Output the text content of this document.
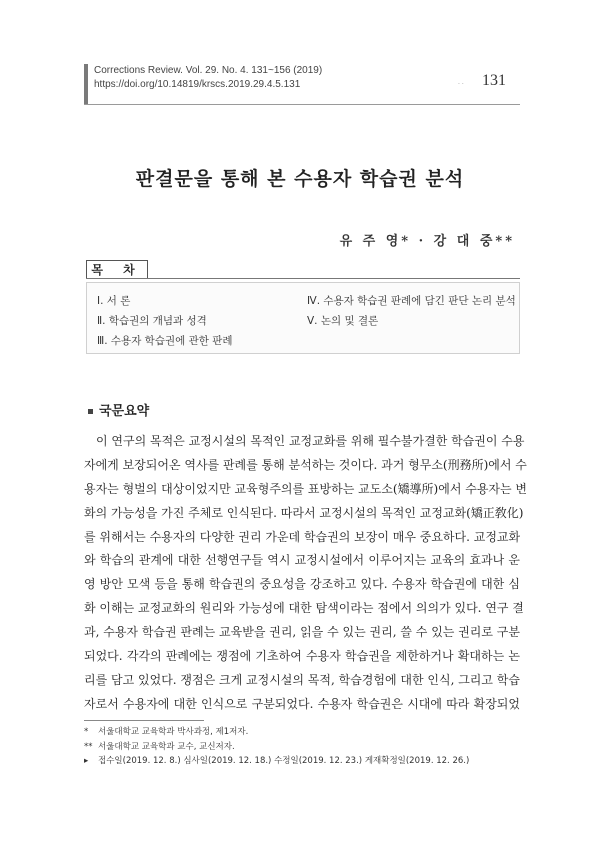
Corrections Review. Vol. 29. No. 4. 131~156 (2019)
https://doi.org/10.14819/krscs.2019.29.4.5.131	· · 131
판결문을 통해 본 수용자 학습권 분석
유 주 영* · 강 대 중**
목 차
Ⅰ. 서 론
Ⅱ. 학습권의 개념과 성격
Ⅲ. 수용자 학습권에 관한 판례
Ⅳ. 수용자 학습권 판례에 담긴 판단 논리 분석
Ⅴ. 논의 및 결론
국문요약
이 연구의 목적은 교정시설의 목적인 교정교화를 위해 필수불가결한 학습권이 수용
자에게 보장되어온 역사를 판례를 통해 분석하는 것이다. 과거 형무소(刑務所)에서 수
용자는 형벌의 대상이었지만 교육형주의를 표방하는 교도소(矯導所)에서 수용자는 변
화의 가능성을 가진 주체로 인식된다. 따라서 교정시설의 목적인 교정교화(矯正敎化)
를 위해서는 수용자의 다양한 권리 가운데 학습권의 보장이 매우 중요하다. 교정교화
와 학습의 관계에 대한 선행연구들 역시 교정시설에서 이루어지는 교육의 효과나 운
영 방안 모색 등을 통해 학습권의 중요성을 강조하고 있다. 수용자 학습권에 대한 심
화 이해는 교정교화의 원리와 가능성에 대한 탐색이라는 점에서 의의가 있다. 연구 결
과, 수용자 학습권 판례는 교육받을 권리, 읽을 수 있는 권리, 쓸 수 있는 권리로 구분
되었다. 각각의 판례에는 쟁점에 기초하여 수용자 학습권을 제한하거나 확대하는 논
리를 담고 있었다. 쟁점은 크게 교정시설의 목적, 학습경험에 대한 인식, 그리고 학습
자로서 수용자에 대한 인식으로 구분되었다. 수용자 학습권은 시대에 따라 확장되었
* 서울대학교 교육학과 박사과정, 제1저자.
** 서울대학교 교육학과 교수, 교신저자.
▸ 접수일(2019. 12. 8.) 심사일(2019. 12. 18.) 수정일(2019. 12. 23.) 게재확정일(2019. 12. 26.)
